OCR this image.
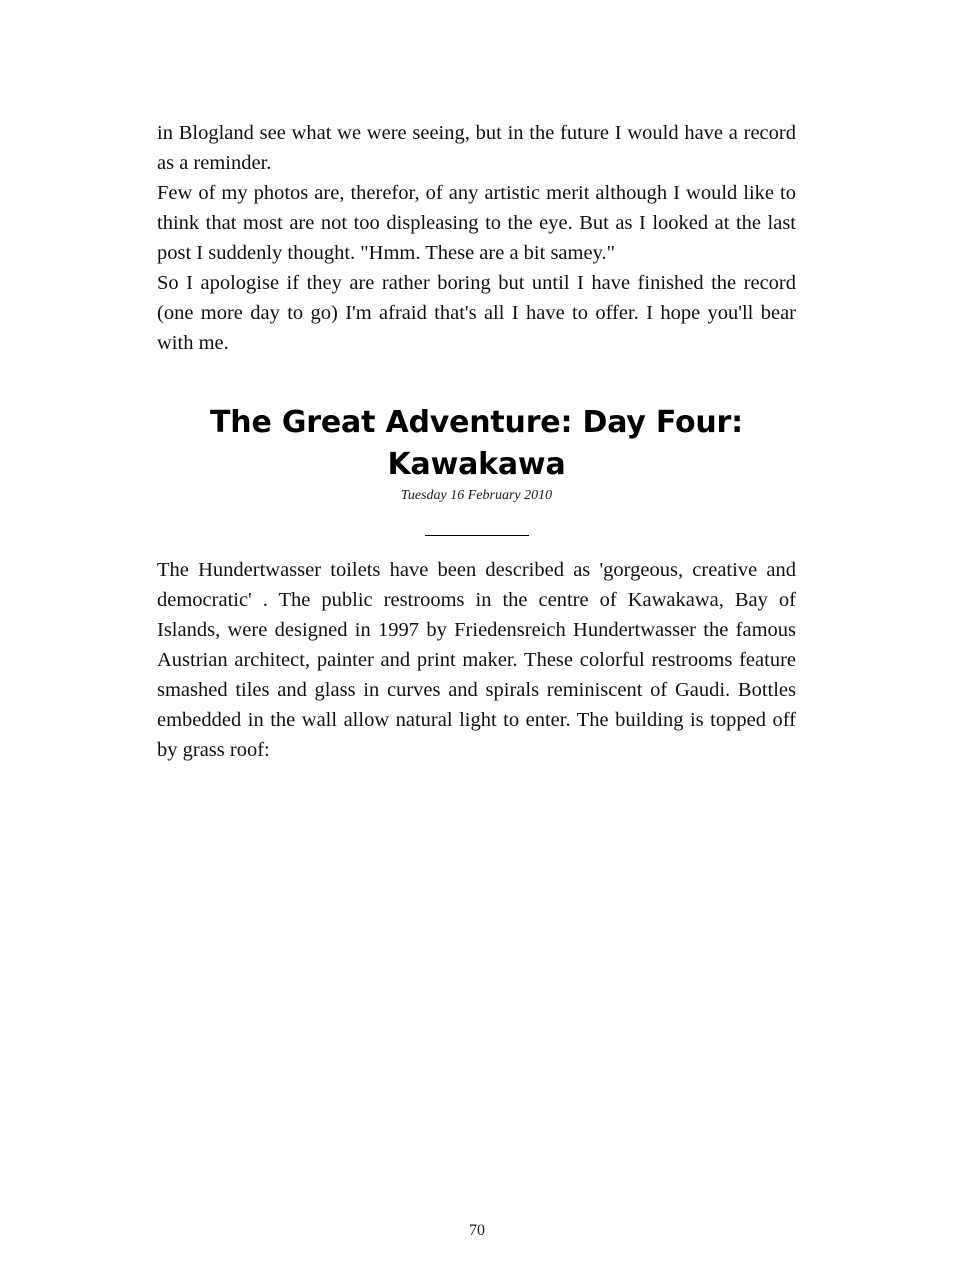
in Blogland see what we were seeing, but in the future I would have a record as a reminder.

Few of my photos are, therefor, of any artistic merit although I would like to think that most are not too displeasing to the eye. But as I looked at the last post I suddenly thought. "Hmm. These are a bit samey."

So I apologise if they are rather boring but until I have finished the record (one more day to go) I'm afraid that's all I have to offer. I hope you'll bear with me.

The Great Adventure: Day Four: Kawakawa
Tuesday 16 February 2010

The Hundertwasser toilets have been described as 'gorgeous, creative and democratic' . The public restrooms in the centre of Kawakawa, Bay of Islands, were designed in 1997 by Friedensreich Hundertwasser the famous Austrian architect, painter and print maker. These colorful restrooms feature smashed tiles and glass in curves and spirals reminiscent of Gaudi. Bottles embedded in the wall allow natural light to enter. The building is topped off by grass roof:

70
